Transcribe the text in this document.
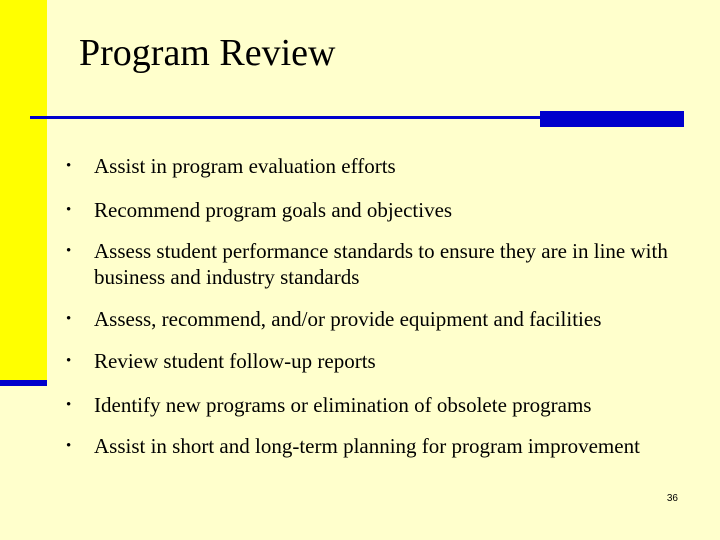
Program Review
•	Assist in program evaluation efforts
•	Recommend program goals and objectives
•	Assess student performance standards to ensure they are in line with business and industry standards
•	Assess, recommend, and/or provide equipment and facilities
•	Review student follow-up reports
•	Identify new programs or elimination of obsolete programs
•	Assist in short and long-term planning for program improvement
36
